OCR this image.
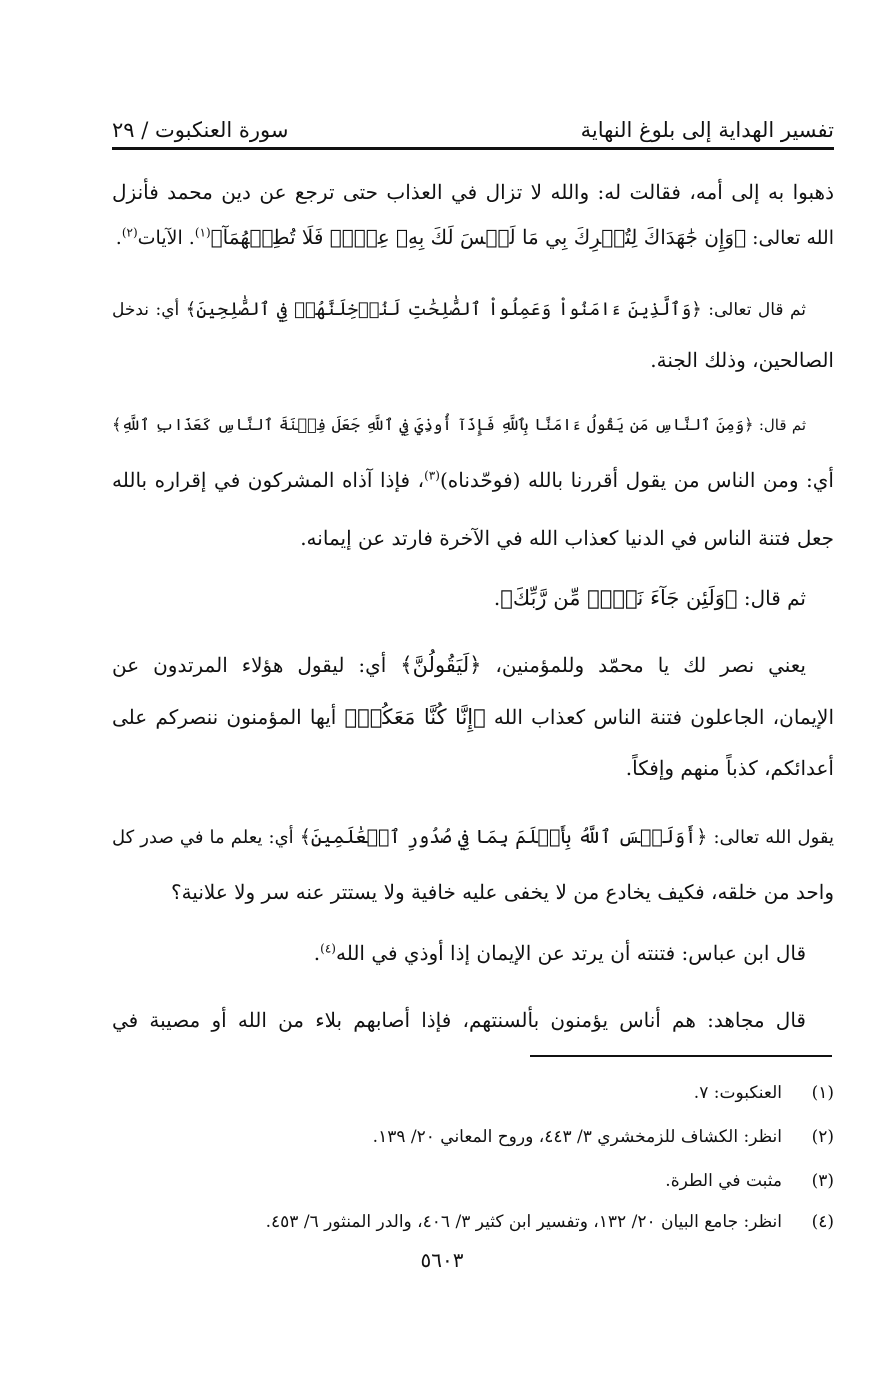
تفسير الهداية إلى بلوغ النهاية
سورة العنكبوت / ٢٩
ذهبوا به إلى أمه، فقالت له: والله لا تزال في العذاب حتى ترجع عن دين محمد فأنزل
الله تعالى: ﴿وَإِن جَٰهَدَاكَ لِتُشۡرِكَ بِي مَا لَيۡسَ لَكَ بِهِۦ عِلۡمٞ فَلَا تُطِعۡهُمَآ﴾$^{(١)}$. الآيات$^{(٢)}$.
ثم قال تعالى: ﴿وَٱلَّذِينَ ءَامَنُواْ وَعَمِلُواْ ٱلصَّٰلِحَٰتِ لَنُدۡخِلَنَّهُمۡ فِي ٱلصَّٰلِحِينَ﴾ أي: ندخل
الصالحين، وذلك الجنة.
ثم قال: ﴿وَمِنَ ٱلنَّاسِ مَن يَقُولُ ءَامَنَّا بِٱللَّهِ فَإِذَآ أُوذِيَ فِي ٱللَّهِ جَعَلَ فِتۡنَةَ ٱلنَّاسِ كَعَذَابِ ٱللَّهِ﴾
أي: ومن الناس من يقول أقررنا بالله (فوحّدناه)$^{(٣)}$، فإذا آذاه المشركون في إقراره بالله
جعل فتنة الناس في الدنيا كعذاب الله في الآخرة فارتد عن إيمانه.
ثم قال: ﴿وَلَئِن جَآءَ نَصۡرٞ مِّن رَّبِّكَ﴾.
يعني نصر لك يا محمّد وللمؤمنين، ﴿لَيَقُولُنَّ﴾ أي: ليقول هؤلاء المرتدون عن
الإيمان، الجاعلون فتنة الناس كعذاب الله ﴿إِنَّا كُنَّا مَعَكُمۡ﴾ أيها المؤمنون ننصركم على
أعدائكم، كذباً منهم وإفكاً.
يقول الله تعالى: ﴿أَوَلَيۡسَ ٱللَّهُ بِأَعۡلَمَ بِمَا فِي صُدُورِ ٱلۡعَٰلَمِينَ﴾ أي: يعلم ما في صدر كل
واحد من خلقه، فكيف يخادع من لا يخفى عليه خافية ولا يستتر عنه سر ولا علانية؟
قال ابن عباس: فتنته أن يرتد عن الإيمان إذا أوذي في الله$^{(٤)}$.
قال مجاهد: هم أناس يؤمنون بألسنتهم، فإذا أصابهم بلاء من الله أو مصيبة في
(١)العنكبوت: ٧.
(٢)انظر: الكشاف للزمخشري ٣/ ٤٤٣، وروح المعاني ٢٠/ ١٣٩.
(٣)مثبت في الطرة.
(٤)انظر: جامع البيان ٢٠/ ١٣٢، وتفسير ابن كثير ٣/ ٤٠٦، والدر المنثور ٦/ ٤٥٣.
٥٦٠٣
